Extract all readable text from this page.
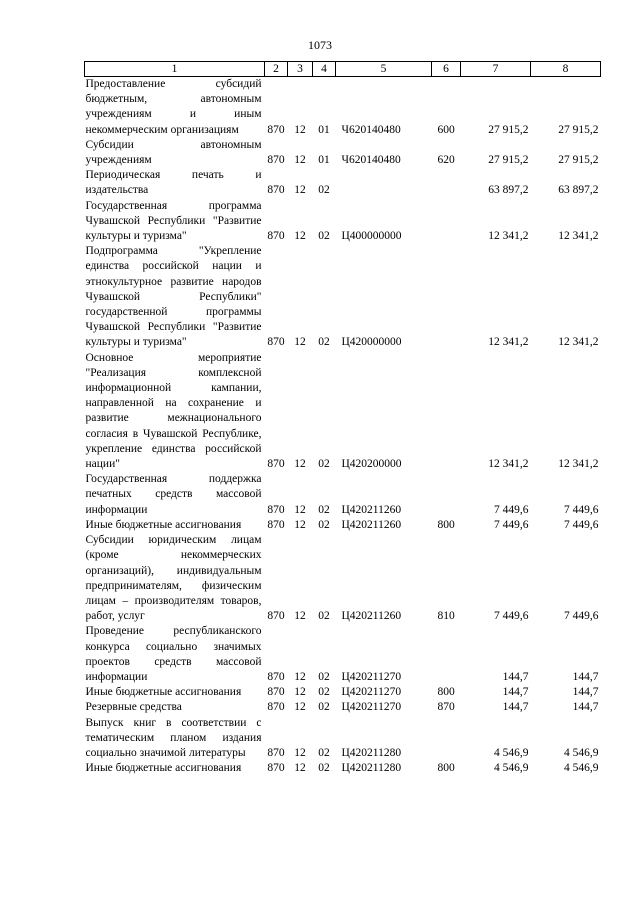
1073
1	2	3	4	5	6	7	8
Предоставление субсидий бюджетным, автономным учреждениям и иным некоммерческим организациям	870	12	01	Ч620140480	600	27 915,2	27 915,2
Субсидии автономным учреждениям	870	12	01	Ч620140480	620	27 915,2	27 915,2
Периодическая печать и издательства	870	12	02			63 897,2	63 897,2
Государственная программа Чувашской Республики "Развитие культуры и туризма"	870	12	02	Ц400000000		12 341,2	12 341,2
Подпрограмма "Укрепление единства российской нации и этнокультурное развитие народов Чувашской Республики" государственной программы Чувашской Республики "Развитие культуры и туризма"	870	12	02	Ц420000000		12 341,2	12 341,2
Основное мероприятие "Реализация комплексной информационной кампании, направленной на сохранение и развитие межнационального согласия в Чувашской Республике, укрепление единства российской нации"	870	12	02	Ц420200000		12 341,2	12 341,2
Государственная поддержка печатных средств массовой информации	870	12	02	Ц420211260		7 449,6	7 449,6
Иные бюджетные ассигнования	870	12	02	Ц420211260	800	7 449,6	7 449,6
Субсидии юридическим лицам (кроме некоммерческих организаций), индивидуальным предпринимателям, физическим лицам – производителям товаров, работ, услуг	870	12	02	Ц420211260	810	7 449,6	7 449,6
Проведение республиканского конкурса социально значимых проектов средств массовой информации	870	12	02	Ц420211270		144,7	144,7
Иные бюджетные ассигнования	870	12	02	Ц420211270	800	144,7	144,7
Резервные средства	870	12	02	Ц420211270	870	144,7	144,7
Выпуск книг в соответствии с тематическим планом издания социально значимой литературы	870	12	02	Ц420211280		4 546,9	4 546,9
Иные бюджетные ассигнования	870	12	02	Ц420211280	800	4 546,9	4 546,9
